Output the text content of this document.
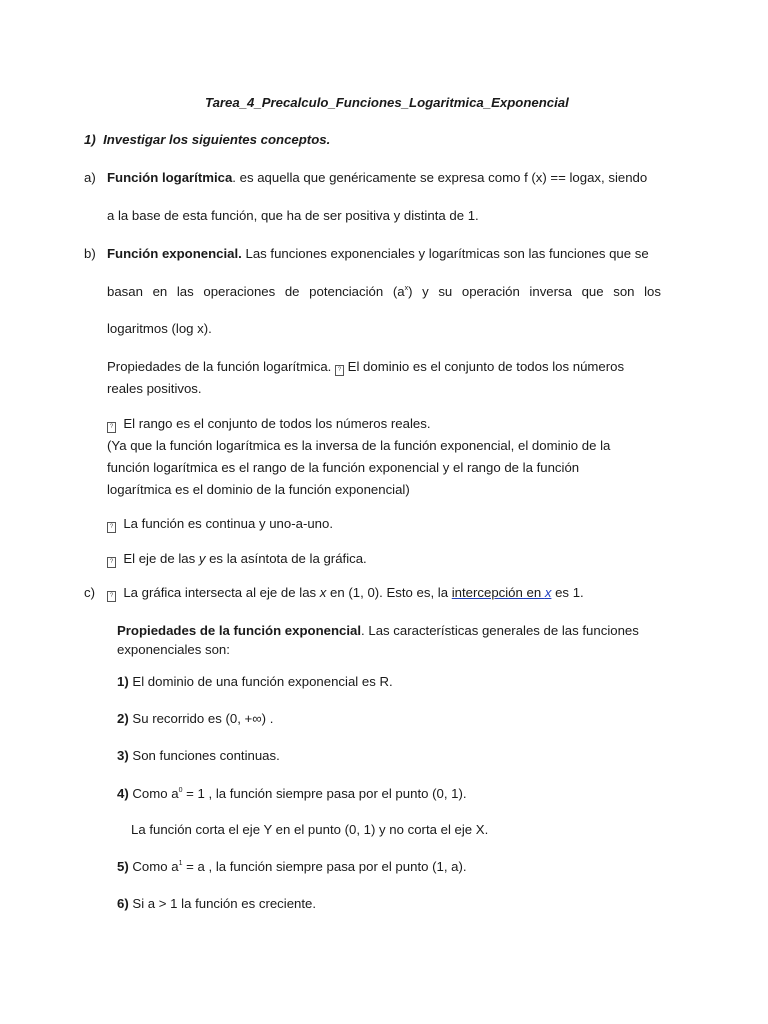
Tarea_4_Precalculo_Funciones_Logaritmica_Exponencial
1) Investigar los siguientes conceptos.
a) Función logarítmica. es aquella que genéricamente se expresa como f (x) == logax, siendo
a la base de esta función, que ha de ser positiva y distinta de 1.
b) Función exponencial. Las funciones exponenciales y logarítmicas son las funciones que se
basan en las operaciones de potenciación $(a^x)$ y su operación inversa que son los
logaritmos (log x).
Propiedades de la función logarítmica. ? El dominio es el conjunto de todos los números
reales positivos.
? El rango es el conjunto de todos los números reales.
(Ya que la función logarítmica es la inversa de la función exponencial, el dominio de la
función logarítmica es el rango de la función exponencial y el rango de la función
logarítmica es el dominio de la función exponencial)
? La función es continua y uno-a-uno.
? El eje de las y es la asíntota de la gráfica.
c)	? La gráfica intersecta al eje de las x en (1, 0). Esto es, la intercepción en x es 1.
Propiedades de la función exponencial. Las características generales de las funciones
exponenciales son:
1) El dominio de una función exponencial es R.
2) Su recorrido es (0, +∞) .
3) Son funciones continuas.
4) Como $a^0 = 1$ , la función siempre pasa por el punto (0, 1).
La función corta el eje Y en el punto (0, 1) y no corta el eje X.
5) Como $a^1 = a$ , la función siempre pasa por el punto (1, a).
6) Si a > 1 la función es creciente.
